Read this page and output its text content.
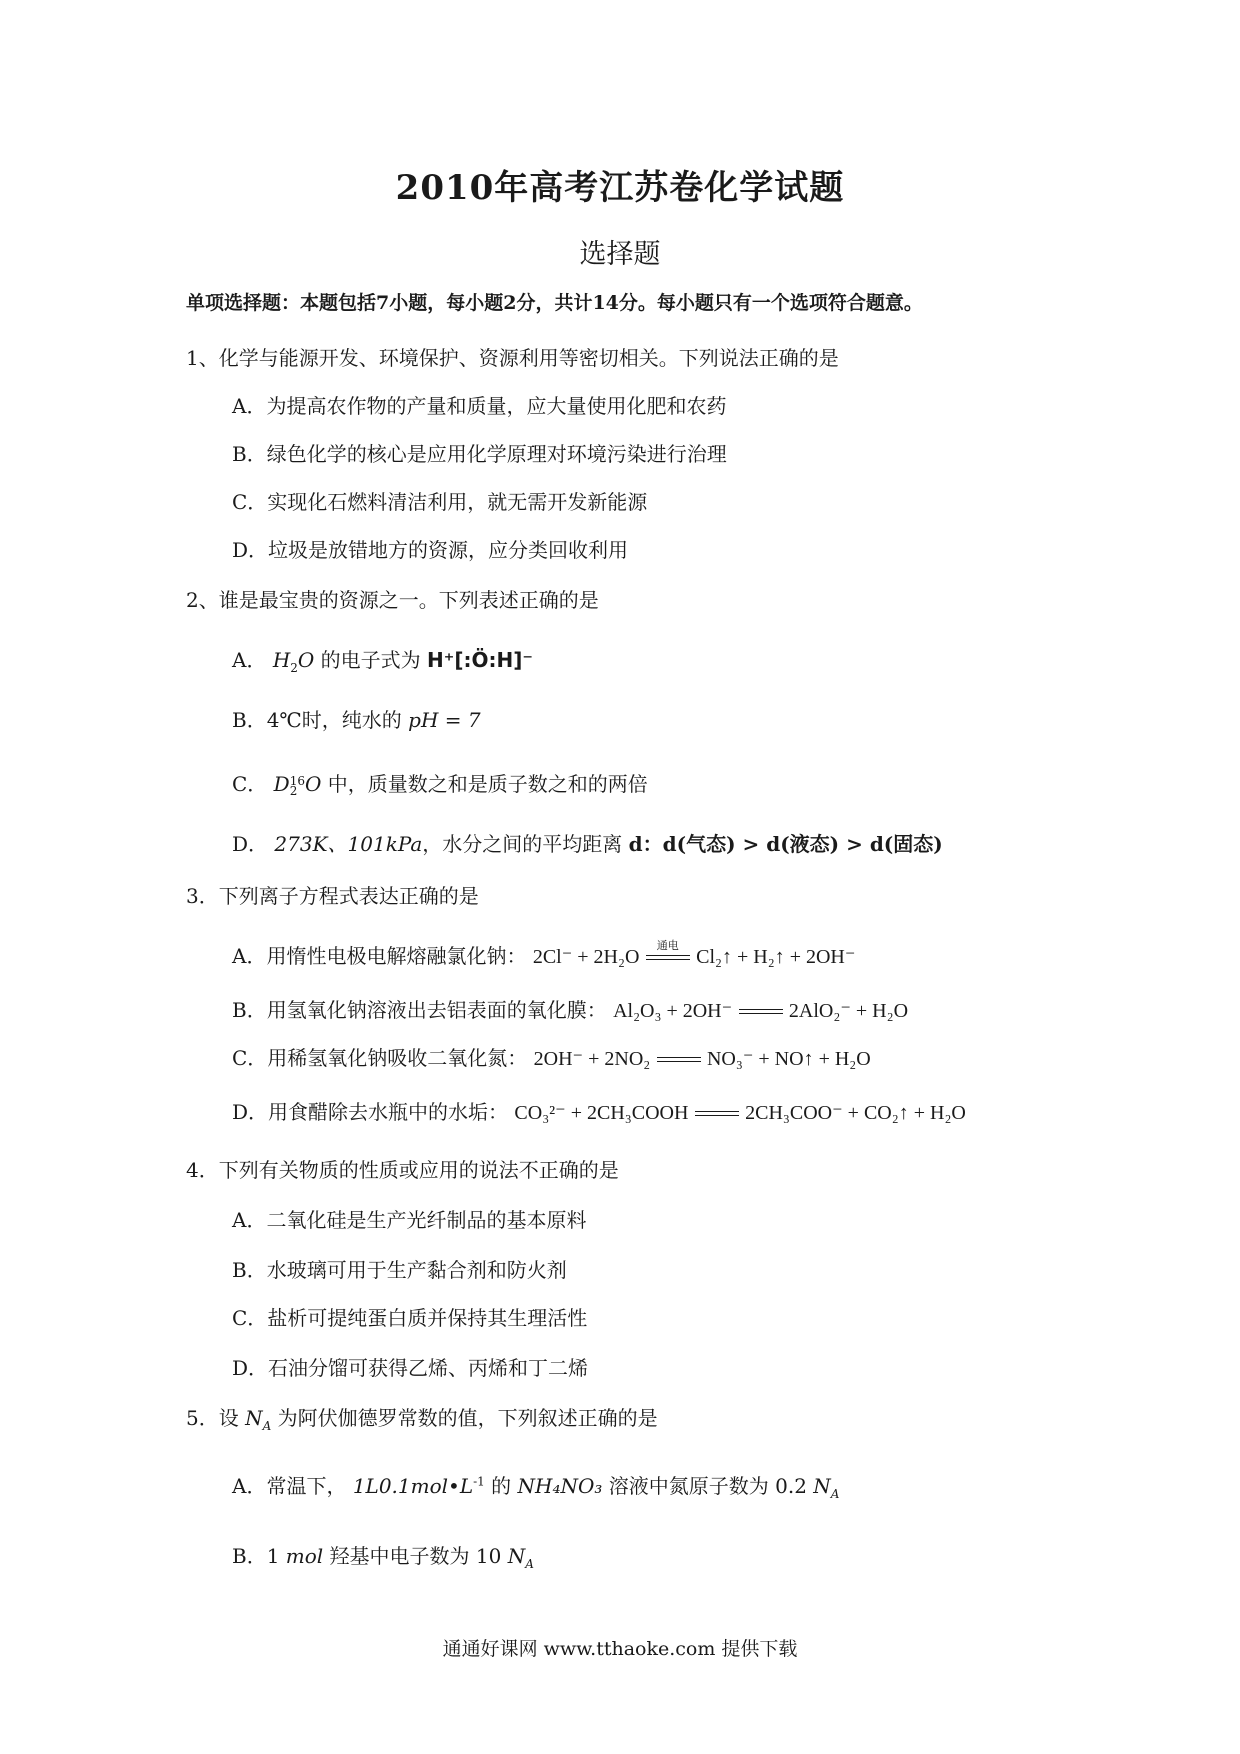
2010年高考江苏卷化学试题
选择题
单项选择题：本题包括7小题，每小题2分，共计14分。每小题只有一个选项符合题意。
1、化学与能源开发、环境保护、资源利用等密切相关。下列说法正确的是
A．为提高农作物的产量和质量，应大量使用化肥和农药
B．绿色化学的核心是应用化学原理对环境污染进行治理
C．实现化石燃料清洁利用，就无需开发新能源
D．垃圾是放错地方的资源，应分类回收利用
2、谁是最宝贵的资源之一。下列表述正确的是
A． $H_2O$ 的电子式为 H⁺[:Ö:H]⁻
B．4℃时，纯水的 pH = 7
C． D 16
2 O 中，质量数之和是质子数之和的两倍
D． 273K、101kPa，水分之间的平均距离 d：d(气态) > d(液态) > d(固态)
3．下列离子方程式表达正确的是
A．用惰性电极电解熔融氯化钠： 2Cl⁻ + 2H₂O
通电
Cl₂↑ + H₂↑ + 2OH⁻
B．用氢氧化钠溶液出去铝表面的氧化膜： Al₂O₃ + 2OH⁻	2AlO₂⁻ + H₂O
C．用稀氢氧化钠吸收二氧化氮： 2OH⁻ + 2NO₂	NO₃⁻ + NO↑ + H₂O
D．用食醋除去水瓶中的水垢： CO₃²⁻ + 2CH₃COOH	2CH₃COO⁻ + CO₂↑ + H₂O
4．下列有关物质的性质或应用的说法不正确的是
A．二氧化硅是生产光纤制品的基本原料
B．水玻璃可用于生产黏合剂和防火剂
C．盐析可提纯蛋白质并保持其生理活性
D．石油分馏可获得乙烯、丙烯和丁二烯
5．设 $N_A$ 为阿伏伽德罗常数的值，下列叙述正确的是
A．常温下， $1L0.1mol•L^{-1}$ 的 NH₄NO₃ 溶液中氮原子数为 0.2 $N_A$
B．1 mol 羟基中电子数为 10 $N_A$
通通好课网 www.tthaoke.com 提供下载
